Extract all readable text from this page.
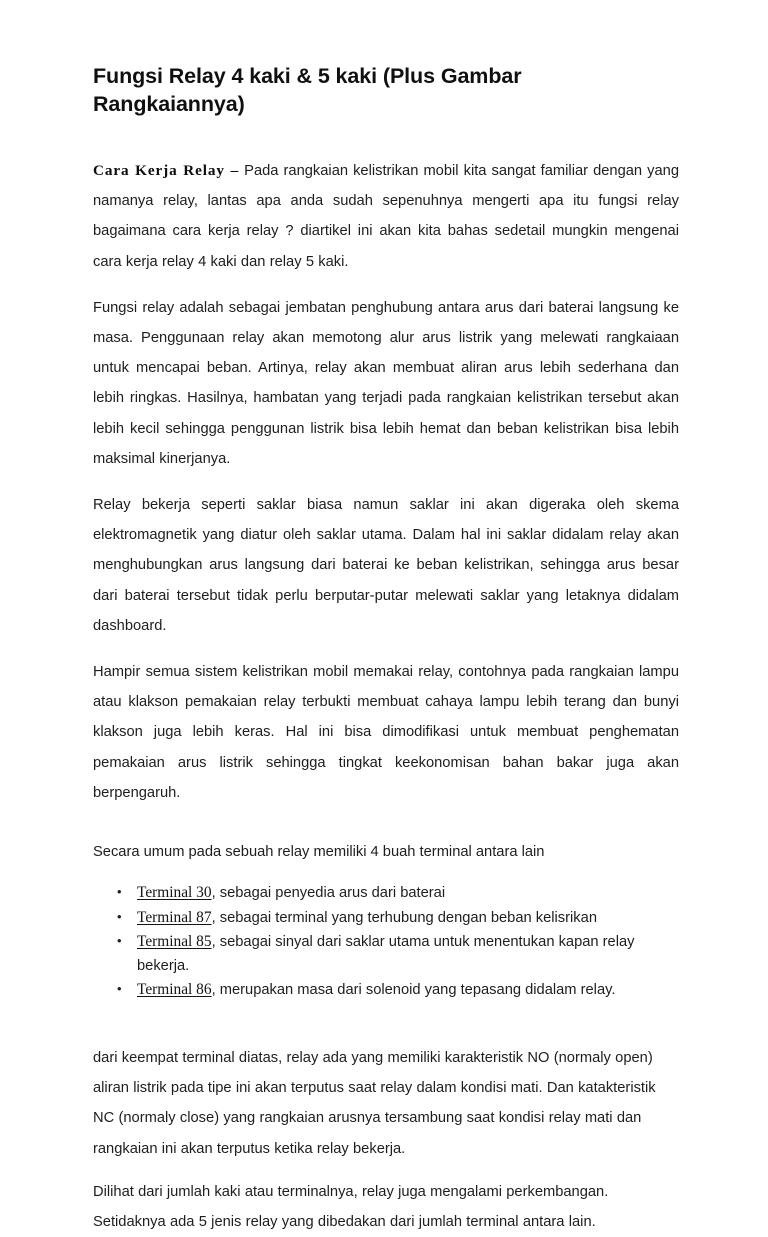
Fungsi Relay 4 kaki & 5 kaki (Plus Gambar Rangkaiannya)

Cara Kerja Relay – Pada rangkaian kelistrikan mobil kita sangat familiar dengan yang namanya relay, lantas apa anda sudah sepenuhnya mengerti apa itu fungsi relay bagaimana cara kerja relay ? diartikel ini akan kita bahas sedetail mungkin mengenai cara kerja relay 4 kaki dan relay 5 kaki.

Fungsi relay adalah sebagai jembatan penghubung antara arus dari baterai langsung ke masa. Penggunaan relay akan memotong alur arus listrik yang melewati rangkaiaan untuk mencapai beban. Artinya, relay akan membuat aliran arus lebih sederhana dan lebih ringkas. Hasilnya, hambatan yang terjadi pada rangkaian kelistrikan tersebut akan lebih kecil sehingga penggunan listrik bisa lebih hemat dan beban kelistrikan bisa lebih maksimal kinerjanya.

Relay bekerja seperti saklar biasa namun saklar ini akan digeraka oleh skema elektromagnetik yang diatur oleh saklar utama. Dalam hal ini saklar didalam relay akan menghubungkan arus langsung dari baterai ke beban kelistrikan, sehingga arus besar dari baterai tersebut tidak perlu berputar-putar melewati saklar yang letaknya didalam dashboard.

Hampir semua sistem kelistrikan mobil memakai relay, contohnya pada rangkaian lampu atau klakson pemakaian relay terbukti membuat cahaya lampu lebih terang dan bunyi klakson juga lebih keras. Hal ini bisa dimodifikasi untuk membuat penghematan pemakaian arus listrik sehingga tingkat keekonomisan bahan bakar juga akan berpengaruh.

Secara umum pada sebuah relay memiliki 4 buah terminal antara lain

• Terminal 30, sebagai penyedia arus dari baterai
• Terminal 87, sebagai terminal yang terhubung dengan beban kelisrikan
• Terminal 85, sebagai sinyal dari saklar utama untuk menentukan kapan relay bekerja.
• Terminal 86, merupakan masa dari solenoid yang tepasang didalam relay.

dari keempat terminal diatas, relay ada yang memiliki karakteristik NO (normaly open) aliran listrik pada tipe ini akan terputus saat relay dalam kondisi mati. Dan katakteristik NC (normaly close) yang rangkaian arusnya tersambung saat kondisi relay mati dan rangkaian ini akan terputus ketika relay bekerja.

Dilihat dari jumlah kaki atau terminalnya, relay juga mengalami perkembangan. Setidaknya ada 5 jenis relay yang dibedakan dari jumlah terminal antara lain.
